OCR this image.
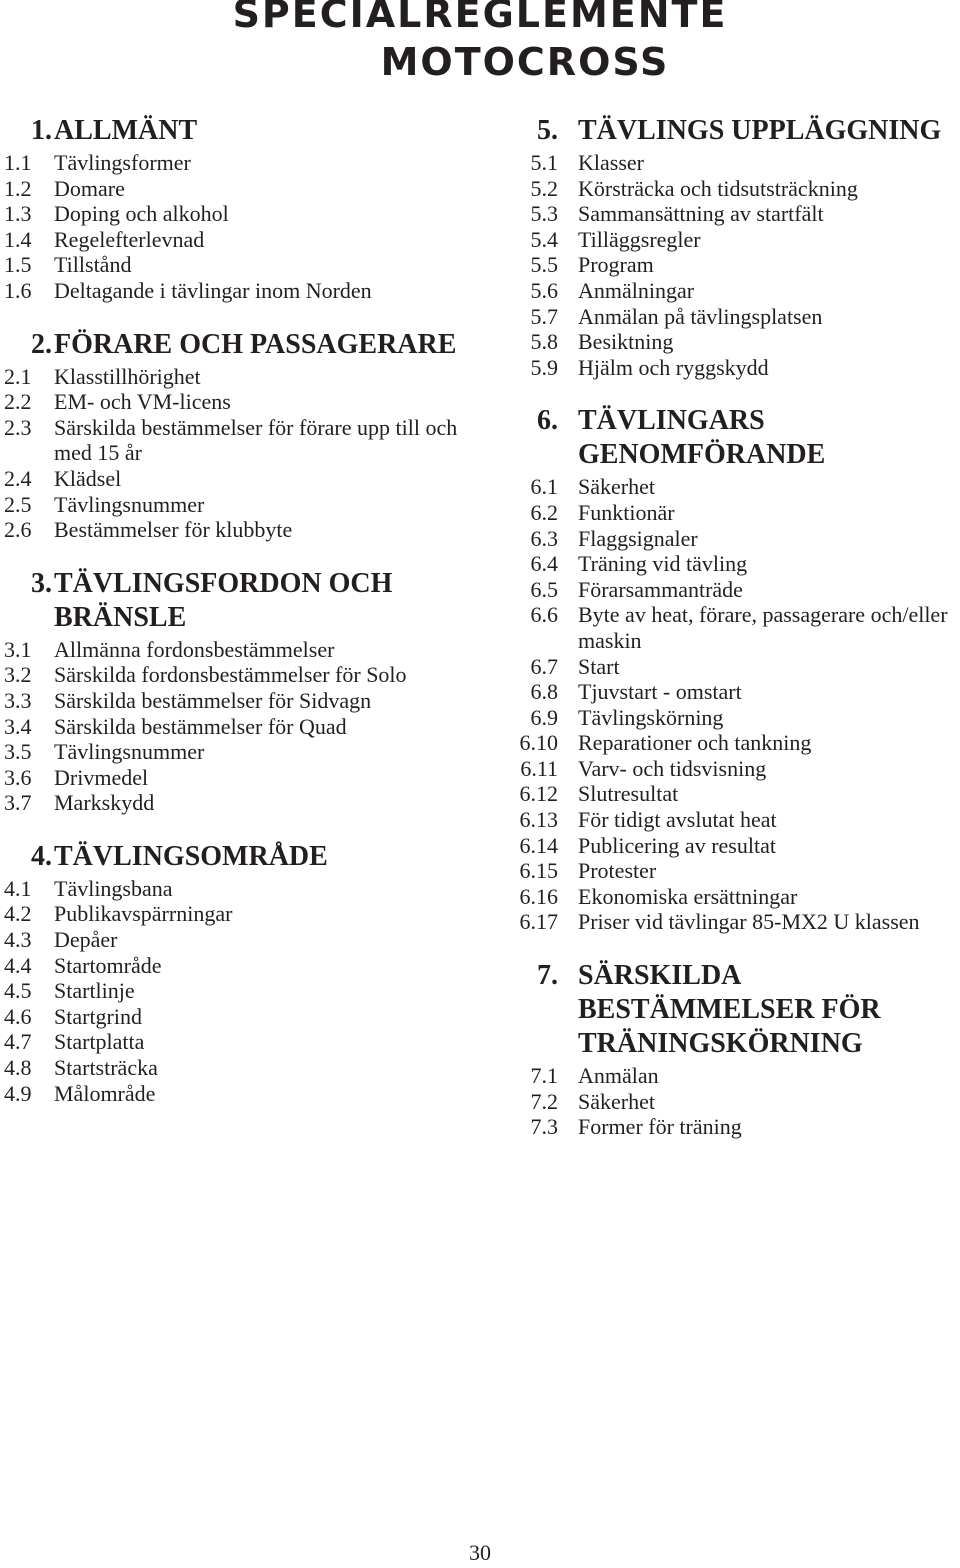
SPECIALREGLEMENTE
MOTOCROSS
1. ALLMÄNT
1.1	Tävlingsformer
1.2	Domare
1.3	Doping och alkohol
1.4	Regelefterlevnad
1.5	Tillstånd
1.6	Deltagande i tävlingar inom Norden
2. FÖRARE OCH PASSAGERARE
2.1	Klasstillhörighet
2.2	EM- och VM-licens
2.3	Särskilda bestämmelser för förare upp till och med 15 år
2.4	Klädsel
2.5	Tävlingsnummer
2.6	Bestämmelser för klubbyte
3. TÄVLINGSFORDON OCH BRÄNSLE
3.1	Allmänna fordonsbestämmelser
3.2	Särskilda fordonsbestämmelser för Solo
3.3	Särskilda bestämmelser för Sidvagn
3.4	Särskilda bestämmelser för Quad
3.5	Tävlingsnummer
3.6	Drivmedel
3.7	Markskydd
4. TÄVLINGSOMRÅDE
4.1	Tävlingsbana
4.2	Publikavspärrningar
4.3	Depåer
4.4	Startområde
4.5	Startlinje
4.6	Startgrind
4.7	Startplatta
4.8	Startsträcka
4.9	Målområde
5. TÄVLINGS UPPLÄGGNING
5.1 Klasser
5.2 Körsträcka och tidsutsträckning
5.3 Sammansättning av startfält
5.4 Tilläggsregler
5.5 Program
5.6 Anmälningar
5.7 Anmälan på tävlingsplatsen
5.8 Besiktning
5.9 Hjälm och ryggskydd
6. TÄVLINGARS GENOMFÖRANDE
6.1 Säkerhet
6.2 Funktionär
6.3 Flaggsignaler
6.4 Träning vid tävling
6.5 Förarsammanträde
6.6 Byte av heat, förare, passagerare och/eller maskin
6.7 Start
6.8 Tjuvstart - omstart
6.9 Tävlingskörning
6.10 Reparationer och tankning
6.11 Varv- och tidsvisning
6.12 Slutresultat
6.13 För tidigt avslutat heat
6.14 Publicering av resultat
6.15 Protester
6.16 Ekonomiska ersättningar
6.17 Priser vid tävlingar 85-MX2 U klassen
7. SÄRSKILDA BESTÄMMELSER FÖR TRÄNINGSKÖRNING
7.1 Anmälan
7.2 Säkerhet
7.3 Former för träning
30
